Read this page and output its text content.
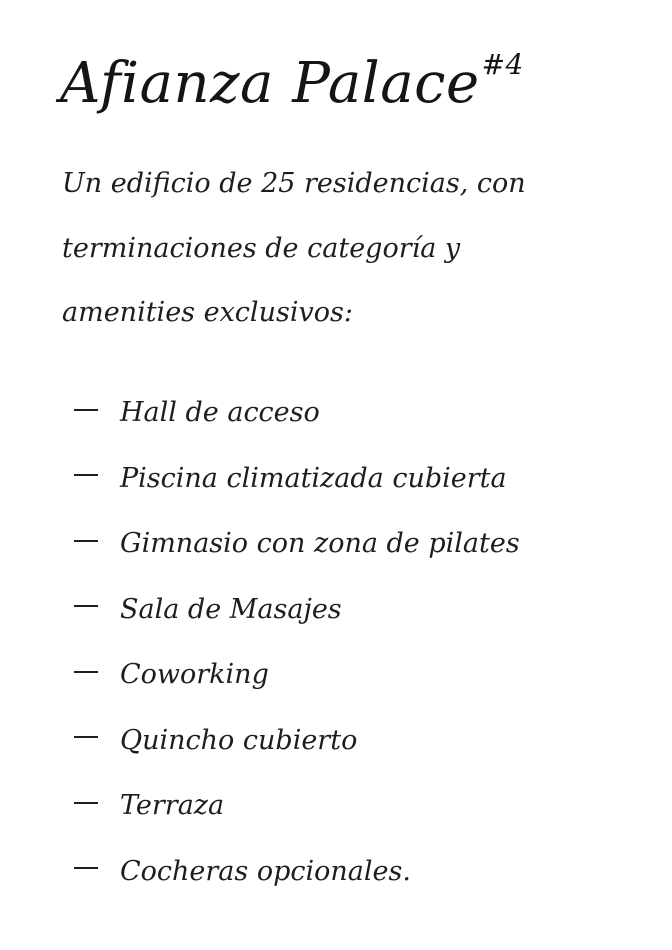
Afianza Palace$^{\#4}$

Un edificio de 25 residencias, con
terminaciones de categoría y
amenities exclusivos:

Hall de acceso
Piscina climatizada cubierta
Gimnasio con zona de pilates
Sala de Masajes
Coworking
Quincho cubierto
Terraza
Cocheras opcionales.
